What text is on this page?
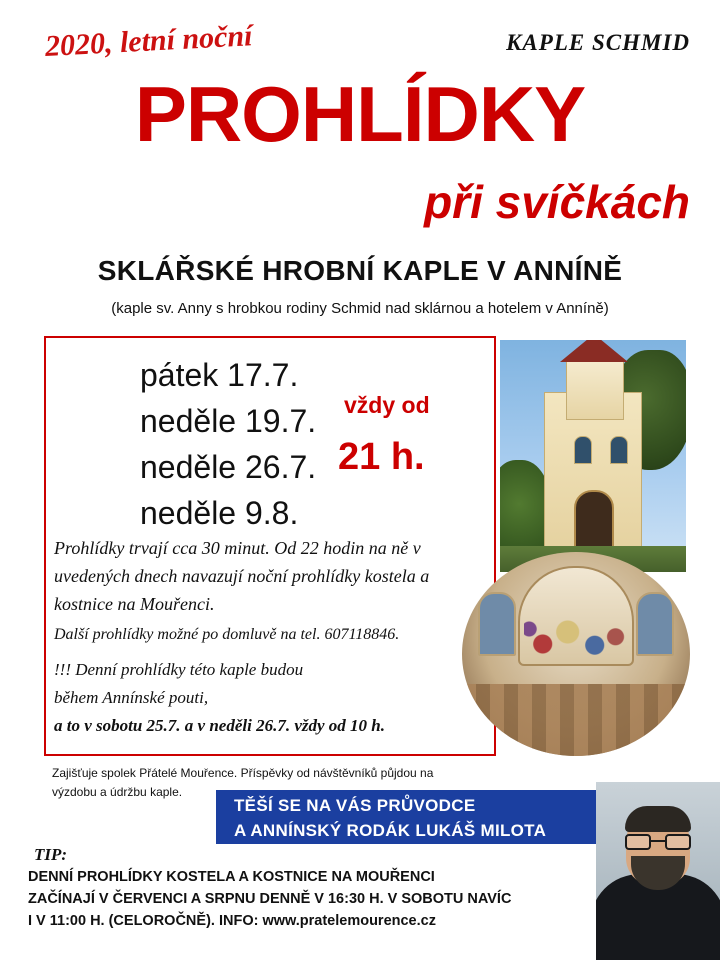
KAPLE SCHMID
2020, letní noční
PROHLÍDKY
při svíčkách
SKLÁŘSKÉ HROBNÍ KAPLE V ANNÍNĚ
(kaple sv. Anny s hrobkou rodiny Schmid nad sklárnou a hotelem v Anníně)
pátek 17.7.
neděle 19.7.
neděle 26.7.
neděle 9.8.
vždy od
21 h.
Prohlídky trvají cca 30 minut. Od 22 hodin na ně v uvedených dnech navazují noční prohlídky kostela a kostnice na Mouřenci.
Další prohlídky možné po domluvě na tel. 607118846.
!!! Denní prohlídky této kaple budou
během Annínské pouti,
a to v sobotu 25.7. a v neděli 26.7. vždy od 10 h.
Zajišťuje spolek Přátelé Mouřence. Příspěvky od návštěvníků půjdou na výzdobu a údržbu kaple.
TĚŠÍ SE NA VÁS PRŮVODCE
A ANNÍNSKÝ RODÁK LUKÁŠ MILOTA
TIP:
DENNÍ PROHLÍDKY KOSTELA A KOSTNICE NA MOUŘENCI
ZAČÍNAJÍ V ČERVENCI A SRPNU DENNĚ V 16:30 H. V SOBOTU NAVÍC
I V 11:00 H. (CELOROČNĚ). INFO: www.pratelemourence.cz
